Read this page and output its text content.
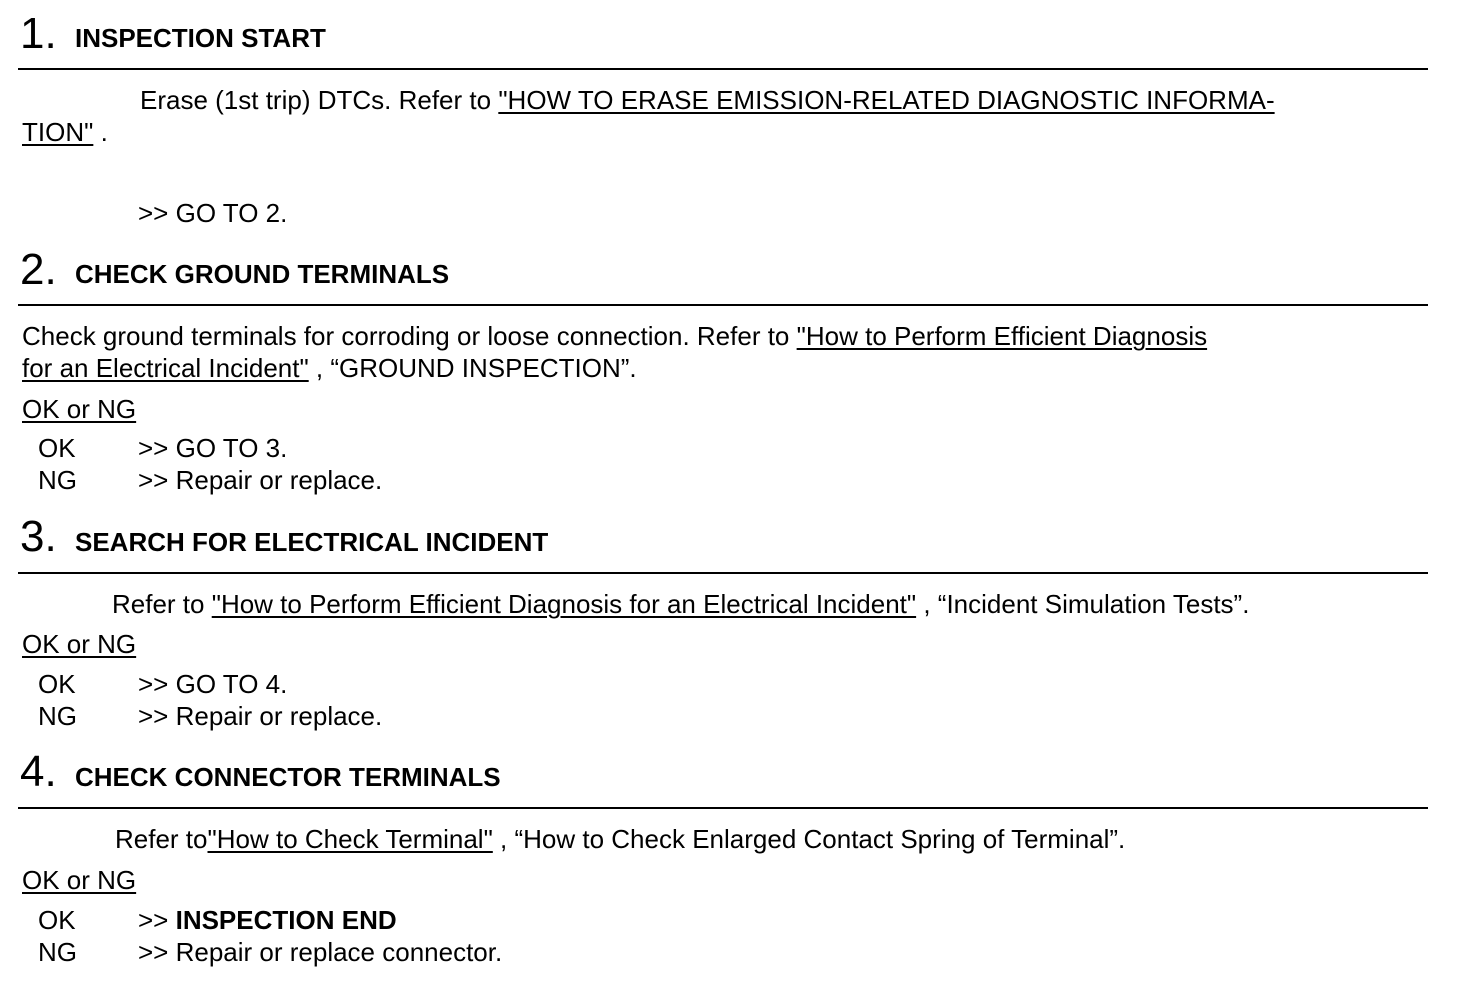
1. INSPECTION START
Erase (1st trip) DTCs. Refer to "HOW TO ERASE EMISSION-RELATED DIAGNOSTIC INFORMA-
TION" .
>> GO TO 2.
2. CHECK GROUND TERMINALS
Check ground terminals for corroding or loose connection. Refer to "How to Perform Efficient Diagnosis
for an Electrical Incident" , “GROUND INSPECTION”.
OK or NG
OK >> GO TO 3.
NG >> Repair or replace.
3. SEARCH FOR ELECTRICAL INCIDENT
Refer to "How to Perform Efficient Diagnosis for an Electrical Incident" , “Incident Simulation Tests”.
OK or NG
OK >> GO TO 4.
NG >> Repair or replace.
4. CHECK CONNECTOR TERMINALS
Refer to"How to Check Terminal" , “How to Check Enlarged Contact Spring of Terminal”.
OK or NG
OK >> INSPECTION END
NG >> Repair or replace connector.
